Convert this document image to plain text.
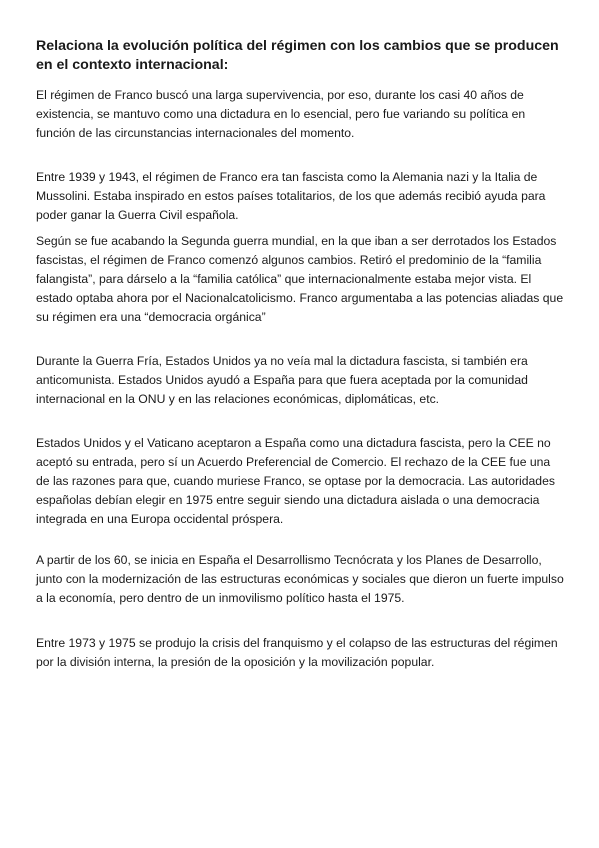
Relaciona la evolución política del régimen con los cambios que se producen en el contexto internacional:
El régimen de Franco buscó una larga supervivencia, por eso, durante los casi 40 años de existencia, se mantuvo como una dictadura en lo esencial, pero fue variando su política en función de las circunstancias internacionales del momento.
Entre 1939 y 1943, el régimen de Franco era tan fascista como la Alemania nazi y la Italia de Mussolini. Estaba inspirado en estos países totalitarios, de los que además recibió ayuda para poder ganar la Guerra Civil española.
Según se fue acabando la Segunda guerra mundial, en la que iban a ser derrotados los Estados fascistas, el régimen de Franco comenzó algunos cambios. Retiró el predominio de la “familia falangista”, para dárselo a la “familia católica” que internacionalmente estaba mejor vista. El estado optaba ahora por el Nacionalcatolicismo. Franco argumentaba a las potencias aliadas que su régimen era una “democracia orgánica”
Durante la Guerra Fría, Estados Unidos ya no veía mal la dictadura fascista, si también era anticomunista. Estados Unidos ayudó a España para que fuera aceptada por la comunidad internacional en la ONU y en las relaciones económicas, diplomáticas, etc.
Estados Unidos y el Vaticano aceptaron a España como una dictadura fascista, pero la CEE no aceptó su entrada, pero sí un Acuerdo Preferencial de Comercio. El rechazo de la CEE fue una de las razones para que, cuando muriese Franco, se optase por la democracia. Las autoridades españolas debían elegir en 1975 entre seguir siendo una dictadura aislada o una democracia integrada en una Europa occidental próspera.
A partir de los 60, se inicia en España el Desarrollismo Tecnócrata y los Planes de Desarrollo, junto con la modernización de las estructuras económicas y sociales que dieron un fuerte impulso a la economía, pero dentro de un inmovilismo político hasta el 1975.
Entre 1973 y 1975 se produjo la crisis del franquismo y el colapso de las estructuras del régimen por la división interna, la presión de la oposición y la movilización popular.
